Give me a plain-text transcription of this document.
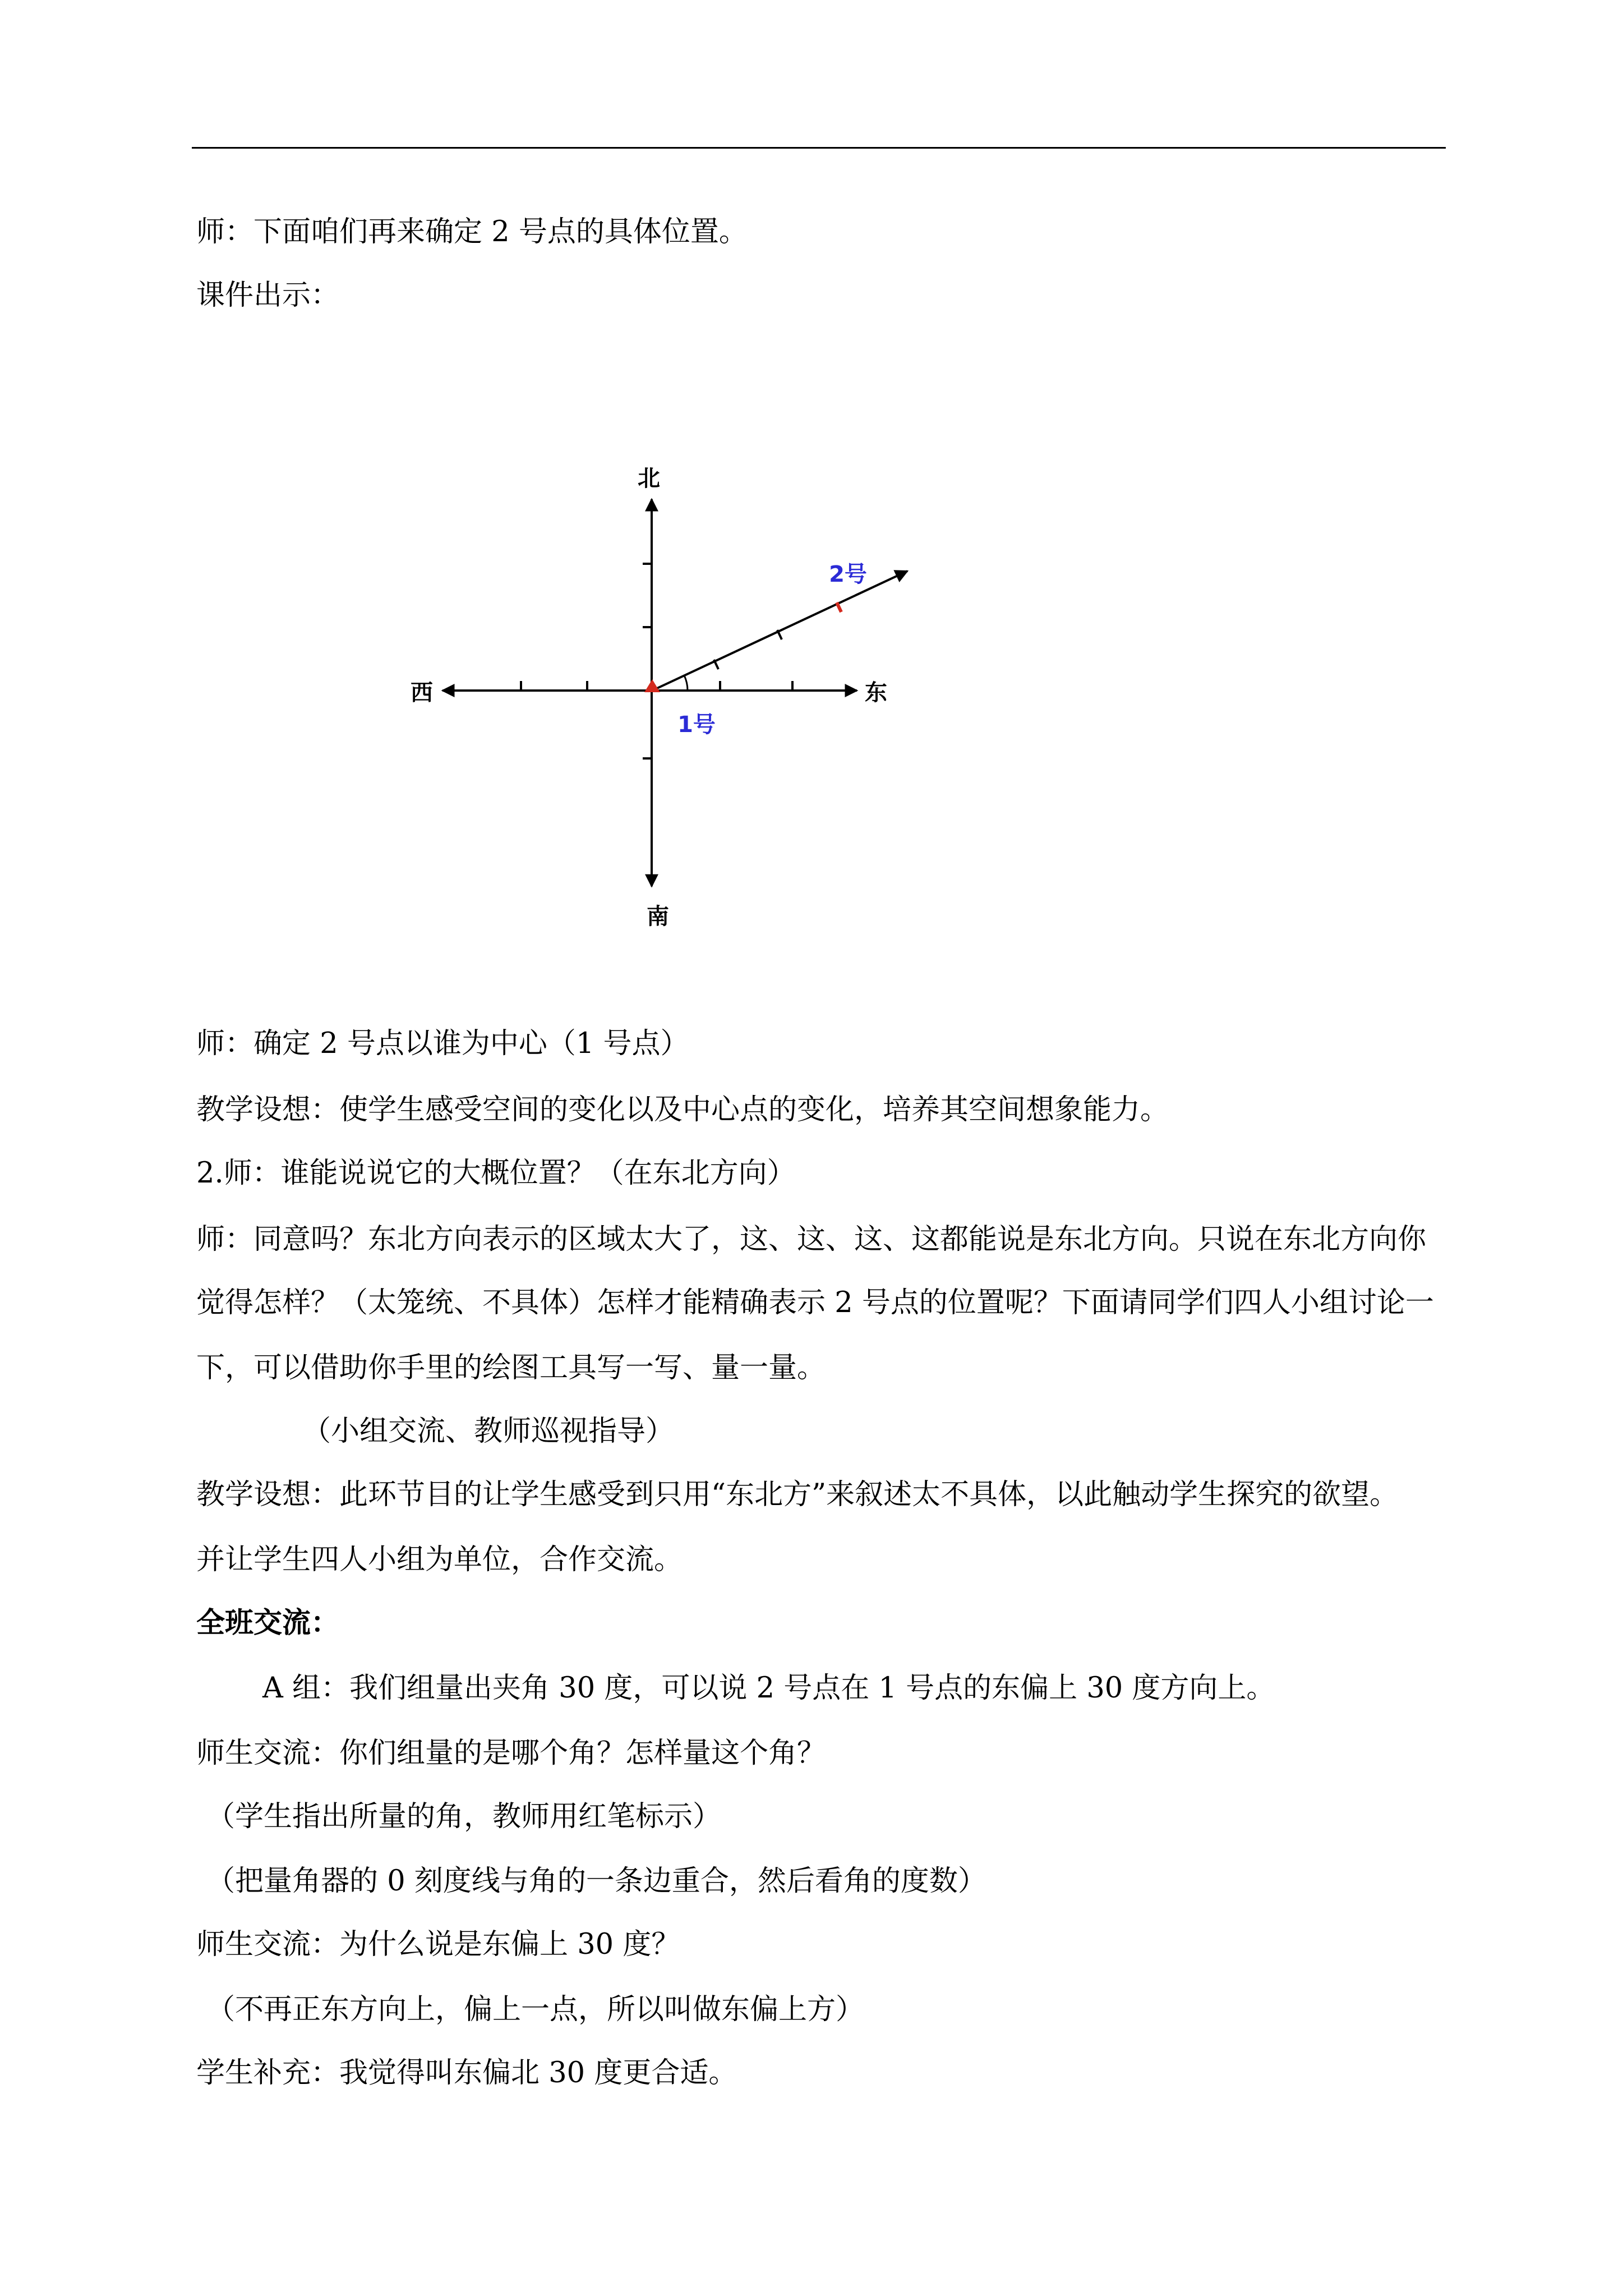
师：下面咱们再来确定 2 号点的具体位置。
课件出示：
北
南
西	东
2号
1号
师：确定 2 号点以谁为中心（1 号点）
教学设想：使学生感受空间的变化以及中心点的变化，培养其空间想象能力。
2.师：谁能说说它的大概位置？（在东北方向）
师：同意吗？东北方向表示的区域太大了，这、这、这、这都能说是东北方向。只说在东北方向你
觉得怎样？（太笼统、不具体）怎样才能精确表示 2 号点的位置呢？下面请同学们四人小组讨论一
下，可以借助你手里的绘图工具写一写、量一量。
（小组交流、教师巡视指导）
教学设想：此环节目的让学生感受到只用“东北方”来叙述太不具体，以此触动学生探究的欲望。
并让学生四人小组为单位，合作交流。
全班交流：
A 组：我们组量出夹角 30 度，可以说 2 号点在 1 号点的东偏上 30 度方向上。
师生交流：你们组量的是哪个角？怎样量这个角？
（学生指出所量的角，教师用红笔标示）
（把量角器的 0 刻度线与角的一条边重合，然后看角的度数）
师生交流：为什么说是东偏上 30 度？
（不再正东方向上，偏上一点，所以叫做东偏上方）
学生补充：我觉得叫东偏北 30 度更合适。
